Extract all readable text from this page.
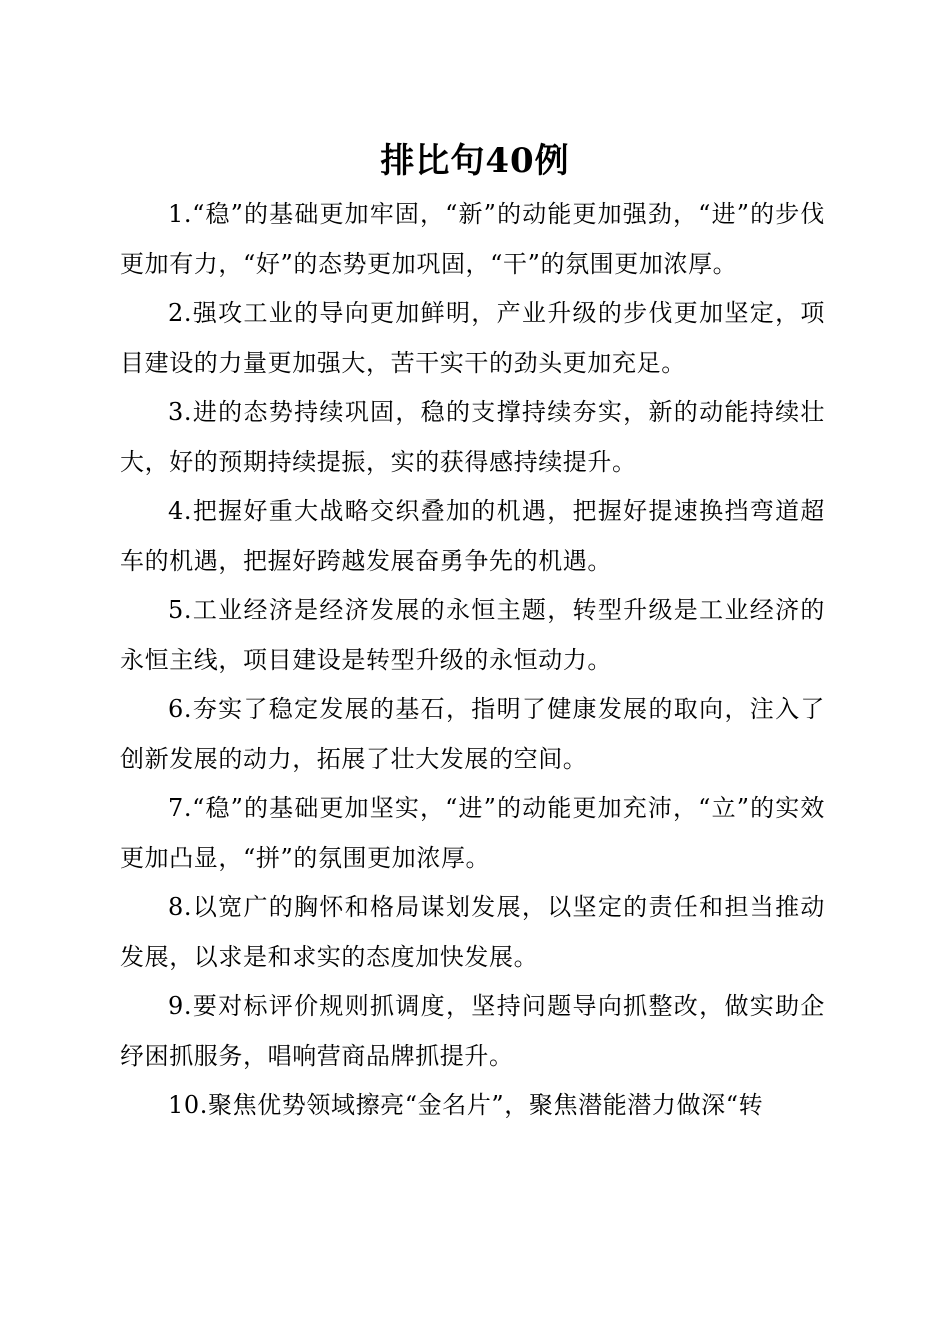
排比句40例

1.“稳”的基础更加牢固，“新”的动能更加强劲，“进”的步伐更加有力，“好”的态势更加巩固，“干”的氛围更加浓厚。

2.强攻工业的导向更加鲜明，产业升级的步伐更加坚定，项目建设的力量更加强大，苦干实干的劲头更加充足。

3.进的态势持续巩固，稳的支撑持续夯实，新的动能持续壮大，好的预期持续提振，实的获得感持续提升。

4.把握好重大战略交织叠加的机遇，把握好提速换挡弯道超车的机遇，把握好跨越发展奋勇争先的机遇。

5.工业经济是经济发展的永恒主题，转型升级是工业经济的永恒主线，项目建设是转型升级的永恒动力。

6.夯实了稳定发展的基石，指明了健康发展的取向，注入了创新发展的动力，拓展了壮大发展的空间。

7.“稳”的基础更加坚实，“进”的动能更加充沛，“立”的实效更加凸显，“拼”的氛围更加浓厚。

8.以宽广的胸怀和格局谋划发展，以坚定的责任和担当推动发展，以求是和求实的态度加快发展。

9.要对标评价规则抓调度，坚持问题导向抓整改，做实助企纾困抓服务，唱响营商品牌抓提升。

10.聚焦优势领域擦亮“金名片”，聚焦潜能潜力做深“转
